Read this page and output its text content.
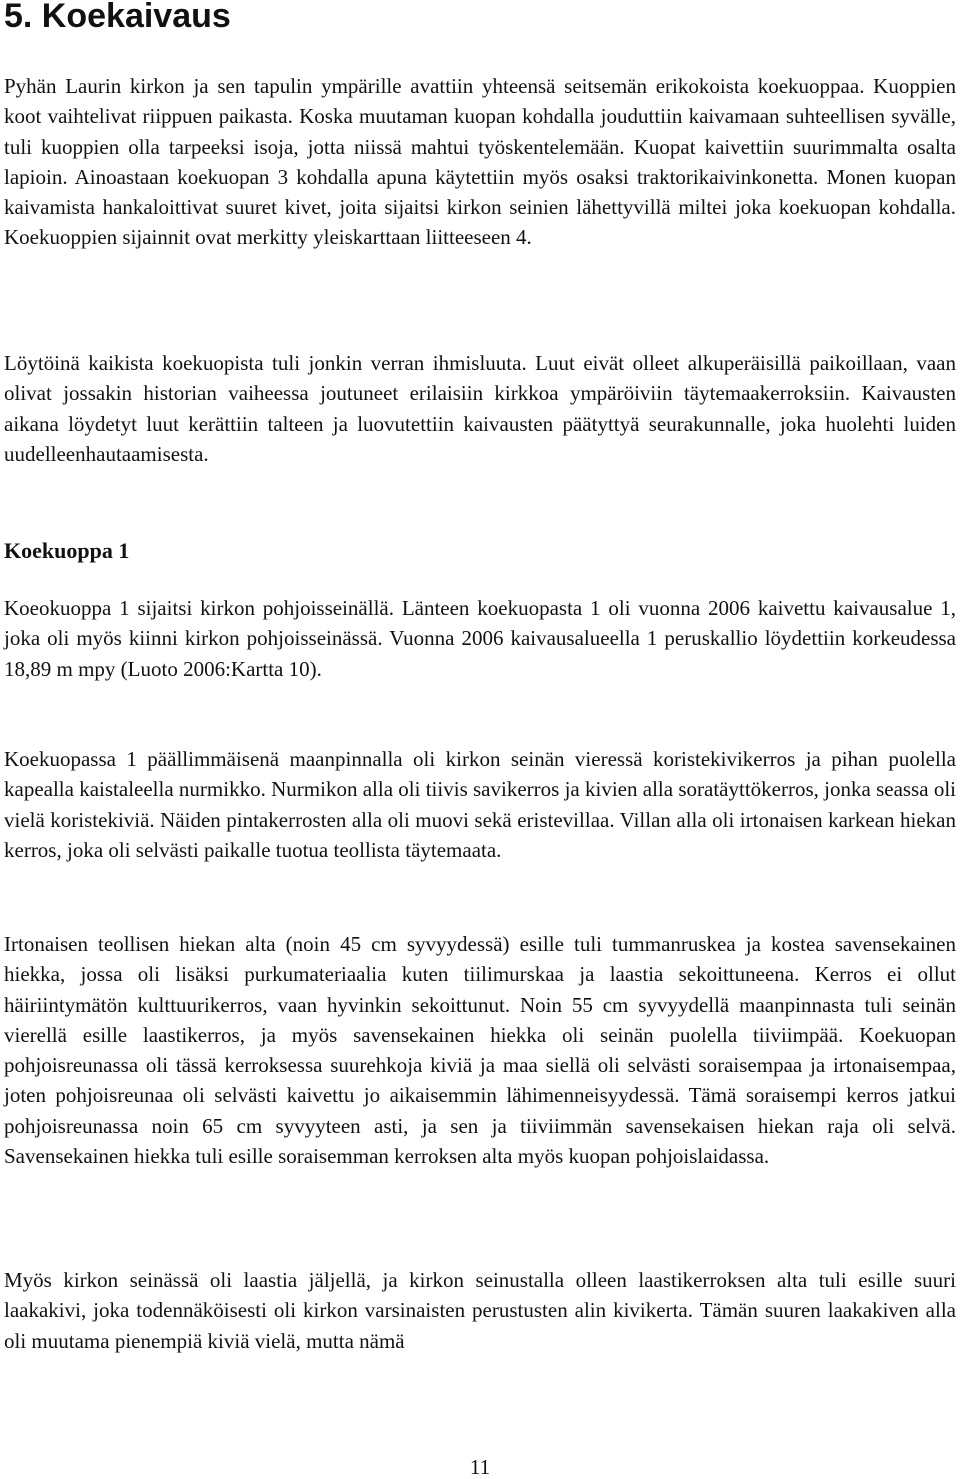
5. Koekaivaus

Pyhän Laurin kirkon ja sen tapulin ympärille avattiin yhteensä seitsemän erikokoista koekuoppaa. Kuoppien koot vaihtelivat riippuen paikasta. Koska muutaman kuopan kohdalla jouduttiin kaivamaan suhteellisen syvälle, tuli kuoppien olla tarpeeksi isoja, jotta niissä mahtui työskentelemään. Kuopat kaivettiin suurimmalta osalta lapioin. Ainoastaan koekuopan 3 kohdalla apuna käytettiin myös osaksi traktorikaivinkonetta. Monen kuopan kaivamista hankaloittivat suuret kivet, joita sijaitsi kirkon seinien lähettyvillä miltei joka koekuopan kohdalla. Koekuoppien sijainnit ovat merkitty yleiskarttaan liitteeseen 4.

Löytöinä kaikista koekuopista tuli jonkin verran ihmisluuta. Luut eivät olleet alkuperäisillä paikoillaan, vaan olivat jossakin historian vaiheessa joutuneet erilaisiin kirkkoa ympäröiviin täytemaakerroksiin. Kaivausten aikana löydetyt luut kerättiin talteen ja luovutettiin kaivausten päätyttyä seurakunnalle, joka huolehti luiden uudelleenhautaamisesta.

Koekuoppa 1

Koeokuoppa 1 sijaitsi kirkon pohjoisseinällä. Länteen koekuopasta 1 oli vuonna 2006 kaivettu kaivausalue 1, joka oli myös kiinni kirkon pohjoisseinässä. Vuonna 2006 kaivausalueella 1 peruskallio löydettiin korkeudessa 18,89 m mpy (Luoto 2006:Kartta 10).

Koekuopassa 1 päällimmäisenä maanpinnalla oli kirkon seinän vieressä koristekivikerros ja pihan puolella kapealla kaistaleella nurmikko. Nurmikon alla oli tiivis savikerros ja kivien alla soratäyttökerros, jonka seassa oli vielä koristekiviä. Näiden pintakerrosten alla oli muovi sekä eristevillaa. Villan alla oli irtonaisen karkean hiekan kerros, joka oli selvästi paikalle tuotua teollista täytemaata.

Irtonaisen teollisen hiekan alta (noin 45 cm syvyydessä) esille tuli tummanruskea ja kostea savensekainen hiekka, jossa oli lisäksi purkumateriaalia kuten tiilimurskaa ja laastia sekoittuneena. Kerros ei ollut häiriintymätön kulttuurikerros, vaan hyvinkin sekoittunut. Noin 55 cm syvyydellä maanpinnasta tuli seinän vierellä esille laastikerros, ja myös savensekainen hiekka oli seinän puolella tiiviimpää. Koekuopan pohjoisreunassa oli tässä kerroksessa suurehkoja kiviä ja maa siellä oli selvästi soraisempaa ja irtonaisempaa, joten pohjoisreunaa oli selvästi kaivettu jo aikaisemmin lähimenneisyydessä. Tämä soraisempi kerros jatkui pohjoisreunassa noin 65 cm syvyyteen asti, ja sen ja tiiviimmän savensekaisen hiekan raja oli selvä. Savensekainen hiekka tuli esille soraisemman kerroksen alta myös kuopan pohjoislaidassa.

Myös kirkon seinässä oli laastia jäljellä, ja kirkon seinustalla olleen laastikerroksen alta tuli esille suuri laakakivi, joka todennäköisesti oli kirkon varsinaisten perustusten alin kivikerta. Tämän suuren laakakiven alla oli muutama pienempiä kiviä vielä, mutta nämä

11
